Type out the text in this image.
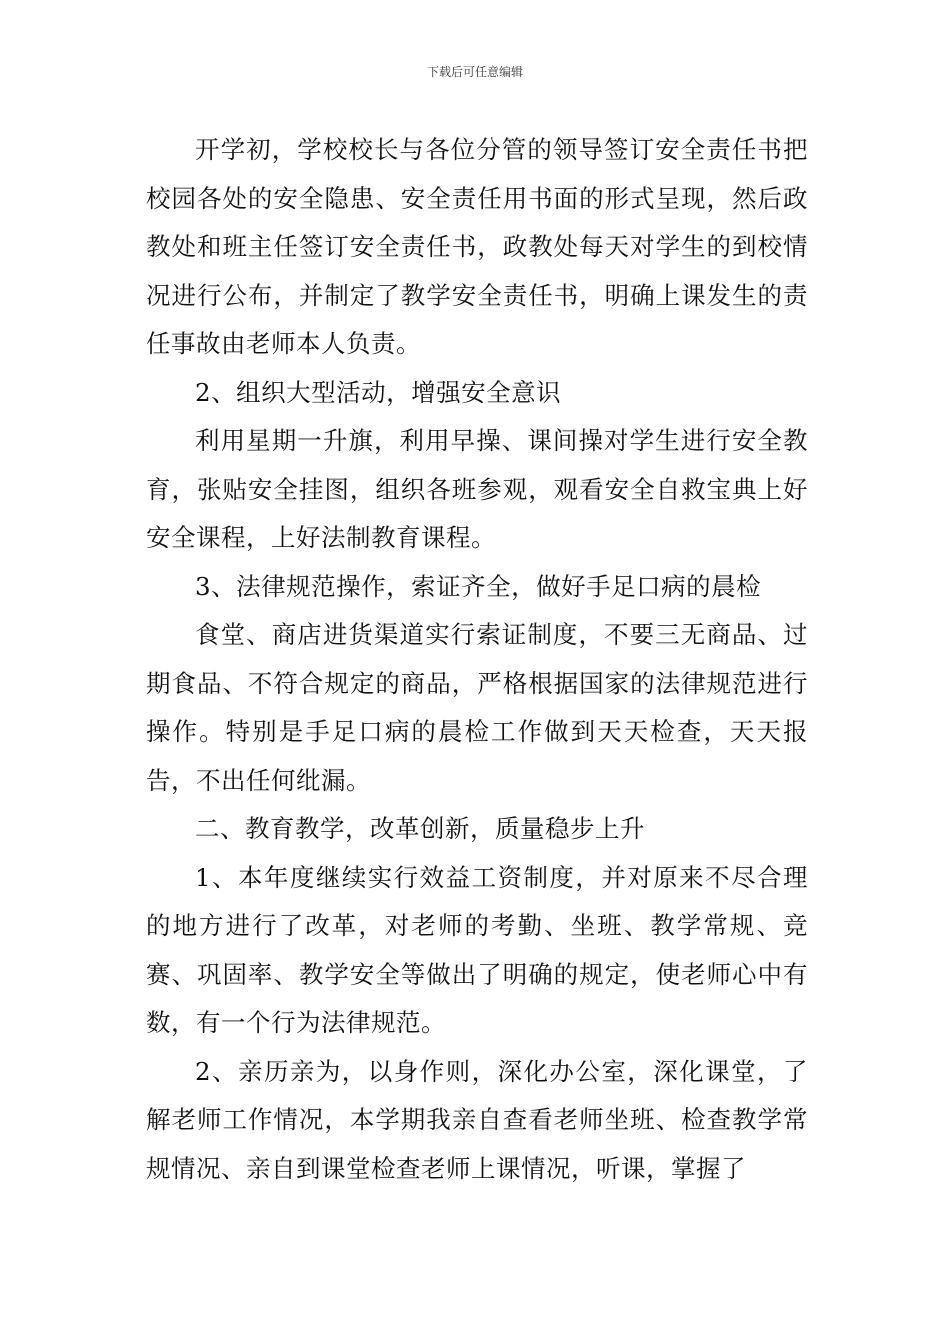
下载后可任意编辑

开学初，学校校长与各位分管的领导签订安全责任书把校园各处的安全隐患、安全责任用书面的形式呈现，然后政教处和班主任签订安全责任书，政教处每天对学生的到校情况进行公布，并制定了教学安全责任书，明确上课发生的责任事故由老师本人负责。

2、组织大型活动，增强安全意识

利用星期一升旗，利用早操、课间操对学生进行安全教育，张贴安全挂图，组织各班参观，观看安全自救宝典上好安全课程，上好法制教育课程。

3、法律规范操作，索证齐全，做好手足口病的晨检

食堂、商店进货渠道实行索证制度，不要三无商品、过期食品、不符合规定的商品，严格根据国家的法律规范进行操作。特别是手足口病的晨检工作做到天天检查，天天报告，不出任何纰漏。

二、教育教学，改革创新，质量稳步上升

1、本年度继续实行效益工资制度，并对原来不尽合理的地方进行了改革，对老师的考勤、坐班、教学常规、竞赛、巩固率、教学安全等做出了明确的规定，使老师心中有数，有一个行为法律规范。

2、亲历亲为，以身作则，深化办公室，深化课堂，了解老师工作情况，本学期我亲自查看老师坐班、检查教学常规情况、亲自到课堂检查老师上课情况，听课，掌握了
